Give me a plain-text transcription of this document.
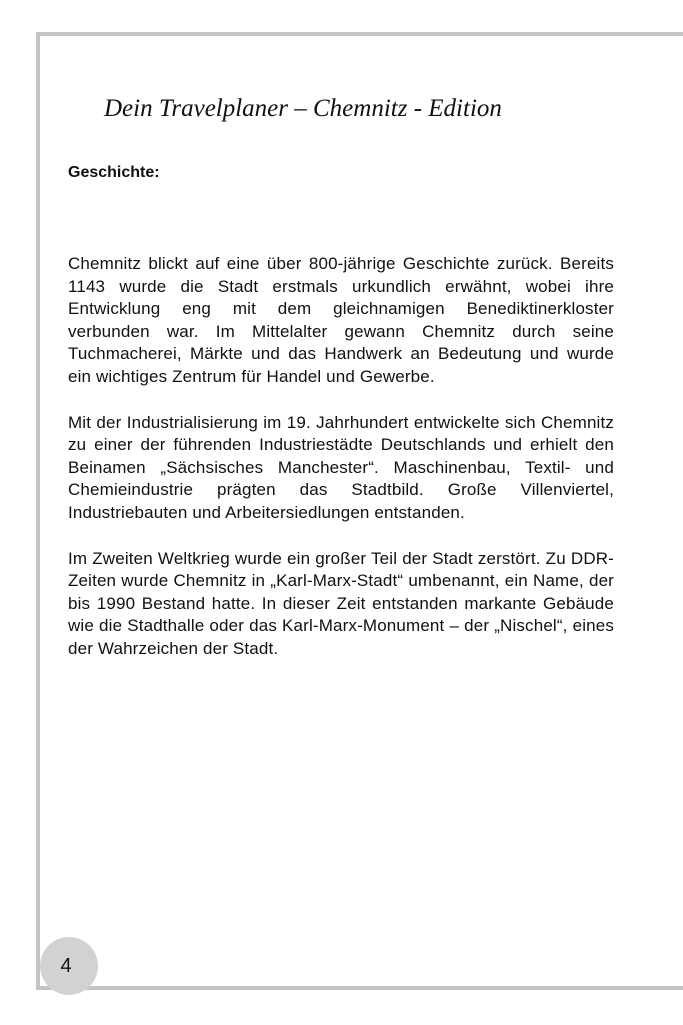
Dein Travelplaner – Chemnitz - Edition
Geschichte:

Chemnitz blickt auf eine über 800-jährige Geschichte zurück. Bereits 1143 wurde die Stadt erstmals urkundlich erwähnt, wobei ihre Entwicklung eng mit dem gleichnamigen Benediktinerkloster verbunden war. Im Mittelalter gewann Chemnitz durch seine Tuchmacherei, Märkte und das Handwerk an Bedeutung und wurde ein wichtiges Zentrum für Handel und Gewerbe.

Mit der Industrialisierung im 19. Jahrhundert entwickelte sich Chemnitz zu einer der führenden Industriestädte Deutschlands und erhielt den Beinamen „Sächsisches Manchester“. Maschinenbau, Textil- und Chemieindustrie prägten das Stadtbild. Große Villenviertel, Industriebauten und Arbeitersiedlungen entstanden.

Im Zweiten Weltkrieg wurde ein großer Teil der Stadt zerstört. Zu DDR-Zeiten wurde Chemnitz in „Karl-Marx-Stadt“ umbenannt, ein Name, der bis 1990 Bestand hatte. In dieser Zeit entstanden markante Gebäude wie die Stadthalle oder das Karl-Marx-Monument – der „Nischel“, eines der Wahrzeichen der Stadt.

4
